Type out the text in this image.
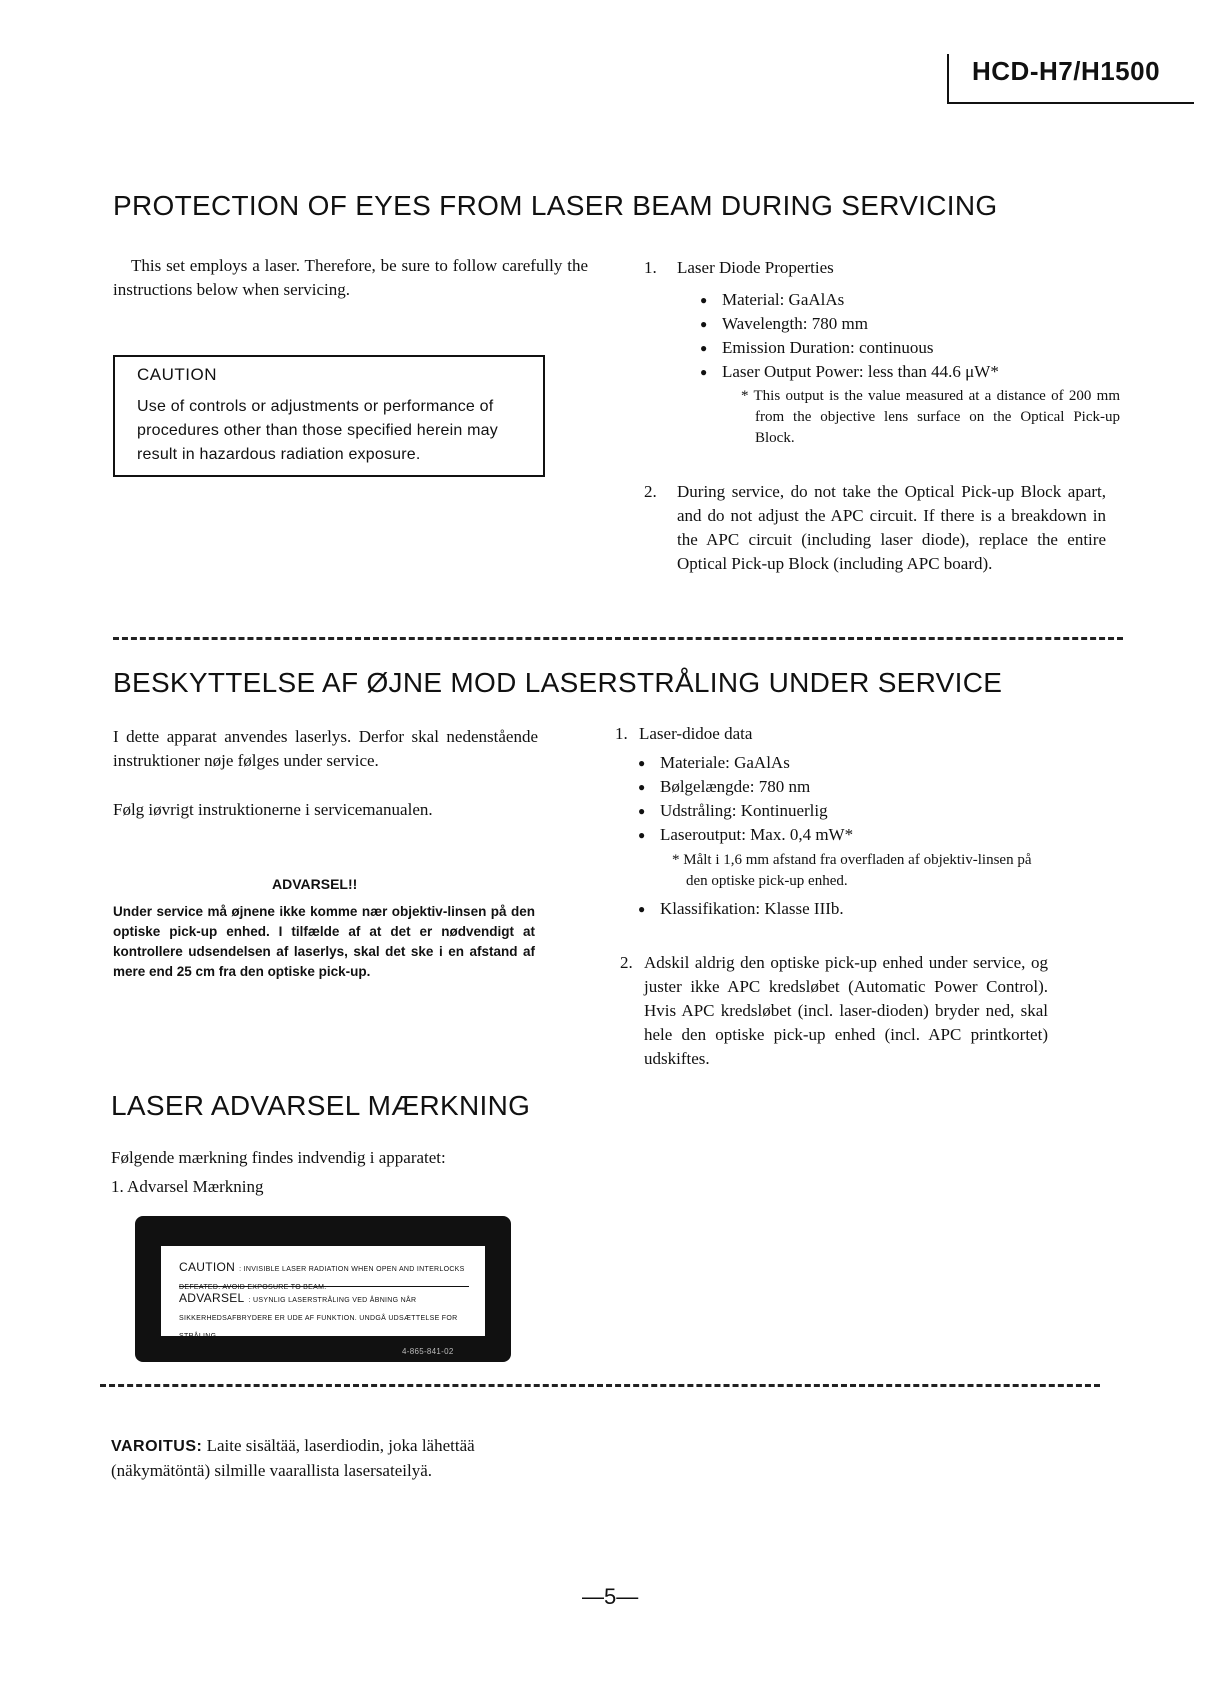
HCD-H7/H1500
PROTECTION OF EYES FROM LASER BEAM DURING SERVICING
This set employs a laser. Therefore, be sure to follow carefully the instructions below when servicing.
CAUTION
Use of controls or adjustments or performance of procedures other than those specified herein may result in hazardous radiation exposure.
1. Laser Diode Properties
● Material: GaAlAs
● Wavelength: 780 mm
● Emission Duration: continuous
● Laser Output Power: less than 44.6 μW*
* This output is the value measured at a distance of 200 mm from the objective lens surface on the Optical Pick-up Block.
2. During service, do not take the Optical Pick-up Block apart, and do not adjust the APC circuit. If there is a breakdown in the APC circuit (including laser diode), replace the entire Optical Pick-up Block (including APC board).
BESKYTTELSE AF ØJNE MOD LASERSTRÅLING UNDER SERVICE
I dette apparat anvendes laserlys. Derfor skal nedenstående instruktioner nøje følges under service.
Følg iøvrigt instruktionerne i servicemanualen.
ADVARSEL!!
Under service må øjnene ikke komme nær objektiv-linsen på den optiske pick-up enhed. I tilfælde af at det er nødvendigt at kontrollere udsendelsen af laserlys, skal det ske i en afstand af mere end 25 cm fra den optiske pick-up.
1. Laser-didoe data
● Materiale: GaAlAs
● Bølgelængde: 780 nm
● Udstråling: Kontinuerlig
● Laseroutput: Max. 0,4 mW*
* Målt i 1,6 mm afstand fra overfladen af objektiv-linsen på den optiske pick-up enhed.
● Klassifikation: Klasse IIIb.
2. Adskil aldrig den optiske pick-up enhed under service, og juster ikke APC kredsløbet (Automatic Power Control). Hvis APC kredsløbet (incl. laser-dioden) bryder ned, skal hele den optiske pick-up enhed (incl. APC printkortet) udskiftes.
LASER ADVARSEL MÆRKNING
Følgende mærkning findes indvendig i apparatet:
1. Advarsel Mærkning
CAUTION : INVISIBLE LASER RADIATION WHEN OPEN AND INTERLOCKS DEFEATED. AVOID EXPOSURE TO BEAM.
ADVARSEL : USYNLIG LASERSTRÅLING VED ÅBNING NÅR SIKKERHEDSAFBRYDERE ER UDE AF FUNKTION. UNDGÅ UDSÆTTELSE FOR STRÅLING.
4-865-841-02
VAROITUS: Laite sisältää, laserdiodin, joka lähettää (näkymätöntä) silmille vaarallista lasersateilyä.
—5—
